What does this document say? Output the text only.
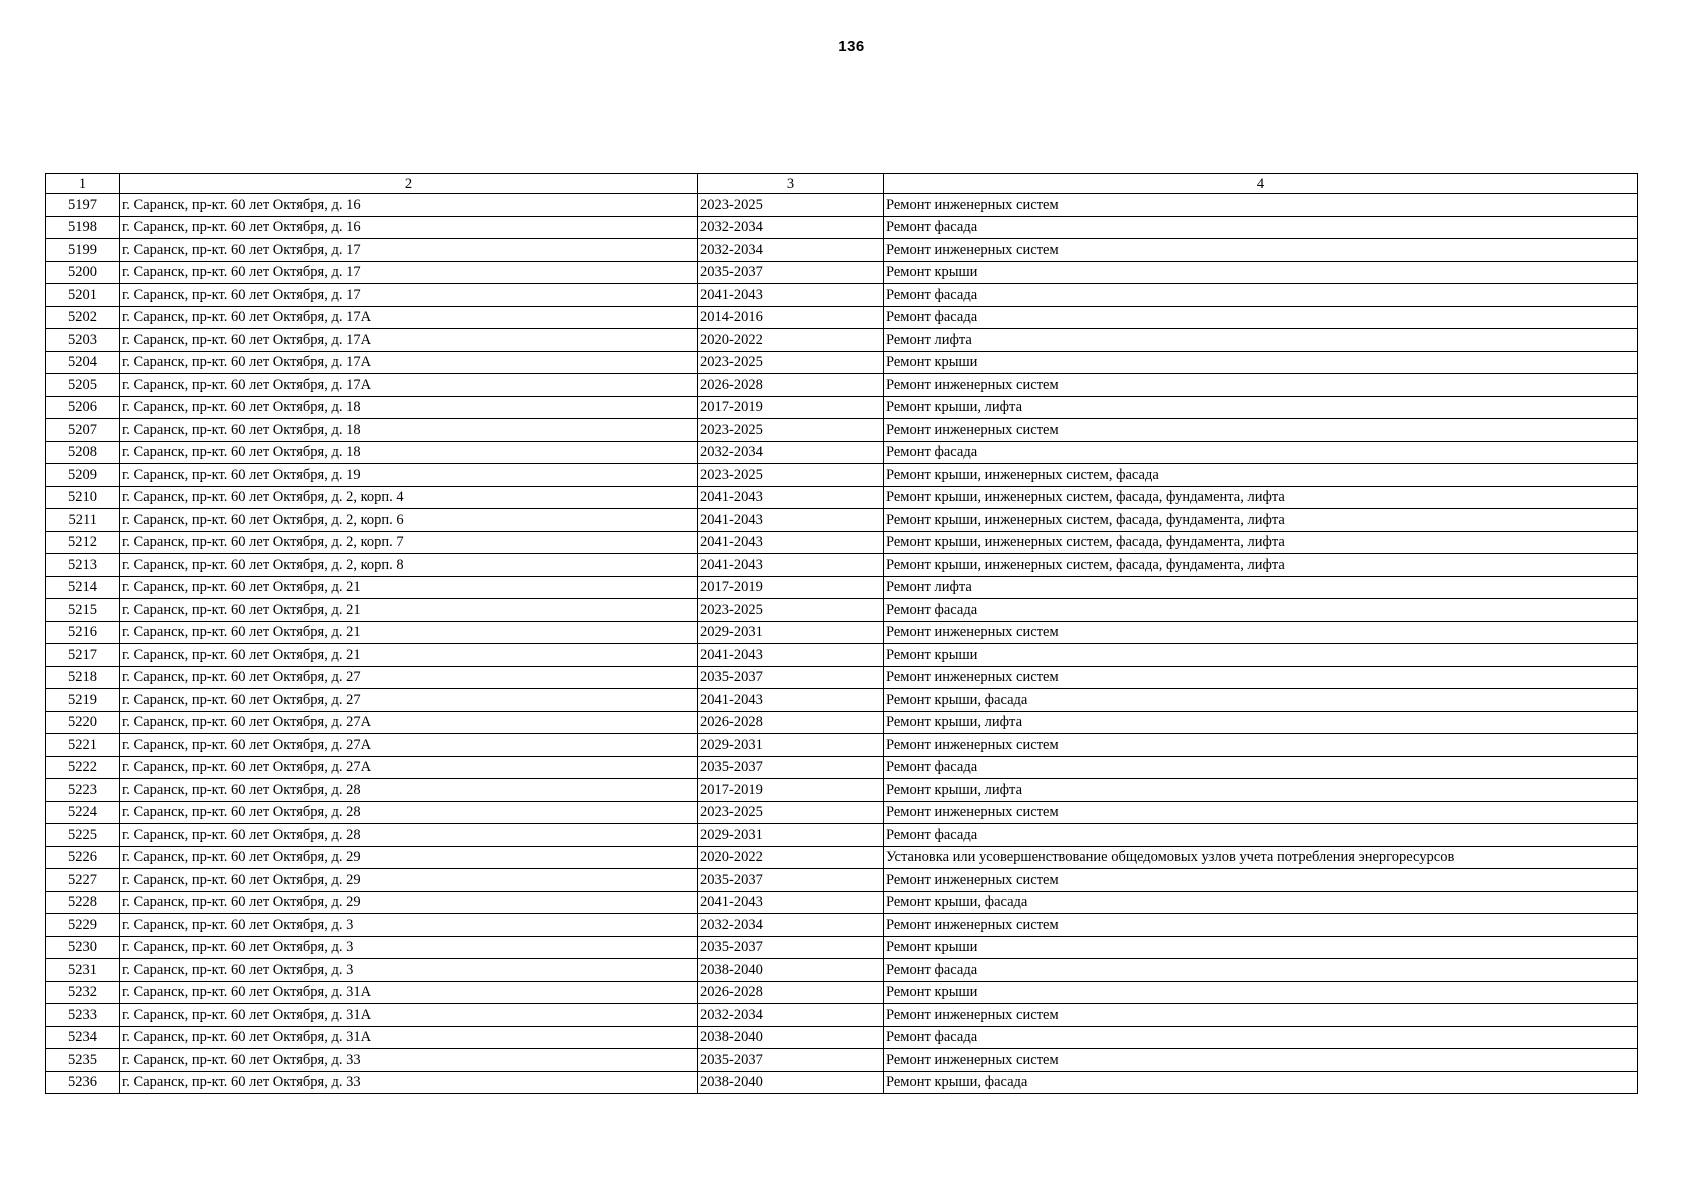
136
1	2	3	4
5197	г. Саранск, пр-кт. 60 лет Октября, д. 16	2023-2025	Ремонт инженерных систем
5198	г. Саранск, пр-кт. 60 лет Октября, д. 16	2032-2034	Ремонт фасада
5199	г. Саранск, пр-кт. 60 лет Октября, д. 17	2032-2034	Ремонт инженерных систем
5200	г. Саранск, пр-кт. 60 лет Октября, д. 17	2035-2037	Ремонт крыши
5201	г. Саранск, пр-кт. 60 лет Октября, д. 17	2041-2043	Ремонт фасада
5202	г. Саранск, пр-кт. 60 лет Октября, д. 17А	2014-2016	Ремонт фасада
5203	г. Саранск, пр-кт. 60 лет Октября, д. 17А	2020-2022	Ремонт лифта
5204	г. Саранск, пр-кт. 60 лет Октября, д. 17А	2023-2025	Ремонт крыши
5205	г. Саранск, пр-кт. 60 лет Октября, д. 17А	2026-2028	Ремонт инженерных систем
5206	г. Саранск, пр-кт. 60 лет Октября, д. 18	2017-2019	Ремонт крыши, лифта
5207	г. Саранск, пр-кт. 60 лет Октября, д. 18	2023-2025	Ремонт инженерных систем
5208	г. Саранск, пр-кт. 60 лет Октября, д. 18	2032-2034	Ремонт фасада
5209	г. Саранск, пр-кт. 60 лет Октября, д. 19	2023-2025	Ремонт крыши, инженерных систем, фасада
5210	г. Саранск, пр-кт. 60 лет Октября, д. 2, корп. 4	2041-2043	Ремонт крыши, инженерных систем, фасада, фундамента, лифта
5211	г. Саранск, пр-кт. 60 лет Октября, д. 2, корп. 6	2041-2043	Ремонт крыши, инженерных систем, фасада, фундамента, лифта
5212	г. Саранск, пр-кт. 60 лет Октября, д. 2, корп. 7	2041-2043	Ремонт крыши, инженерных систем, фасада, фундамента, лифта
5213	г. Саранск, пр-кт. 60 лет Октября, д. 2, корп. 8	2041-2043	Ремонт крыши, инженерных систем, фасада, фундамента, лифта
5214	г. Саранск, пр-кт. 60 лет Октября, д. 21	2017-2019	Ремонт лифта
5215	г. Саранск, пр-кт. 60 лет Октября, д. 21	2023-2025	Ремонт фасада
5216	г. Саранск, пр-кт. 60 лет Октября, д. 21	2029-2031	Ремонт инженерных систем
5217	г. Саранск, пр-кт. 60 лет Октября, д. 21	2041-2043	Ремонт крыши
5218	г. Саранск, пр-кт. 60 лет Октября, д. 27	2035-2037	Ремонт инженерных систем
5219	г. Саранск, пр-кт. 60 лет Октября, д. 27	2041-2043	Ремонт крыши, фасада
5220	г. Саранск, пр-кт. 60 лет Октября, д. 27А	2026-2028	Ремонт крыши, лифта
5221	г. Саранск, пр-кт. 60 лет Октября, д. 27А	2029-2031	Ремонт инженерных систем
5222	г. Саранск, пр-кт. 60 лет Октября, д. 27А	2035-2037	Ремонт фасада
5223	г. Саранск, пр-кт. 60 лет Октября, д. 28	2017-2019	Ремонт крыши, лифта
5224	г. Саранск, пр-кт. 60 лет Октября, д. 28	2023-2025	Ремонт инженерных систем
5225	г. Саранск, пр-кт. 60 лет Октября, д. 28	2029-2031	Ремонт фасада
5226	г. Саранск, пр-кт. 60 лет Октября, д. 29	2020-2022	Установка или усовершенствование общедомовых узлов учета потребления энергоресурсов
5227	г. Саранск, пр-кт. 60 лет Октября, д. 29	2035-2037	Ремонт инженерных систем
5228	г. Саранск, пр-кт. 60 лет Октября, д. 29	2041-2043	Ремонт крыши, фасада
5229	г. Саранск, пр-кт. 60 лет Октября, д. 3	2032-2034	Ремонт инженерных систем
5230	г. Саранск, пр-кт. 60 лет Октября, д. 3	2035-2037	Ремонт крыши
5231	г. Саранск, пр-кт. 60 лет Октября, д. 3	2038-2040	Ремонт фасада
5232	г. Саранск, пр-кт. 60 лет Октября, д. 31А	2026-2028	Ремонт крыши
5233	г. Саранск, пр-кт. 60 лет Октября, д. 31А	2032-2034	Ремонт инженерных систем
5234	г. Саранск, пр-кт. 60 лет Октября, д. 31А	2038-2040	Ремонт фасада
5235	г. Саранск, пр-кт. 60 лет Октября, д. 33	2035-2037	Ремонт инженерных систем
5236	г. Саранск, пр-кт. 60 лет Октября, д. 33	2038-2040	Ремонт крыши, фасада
